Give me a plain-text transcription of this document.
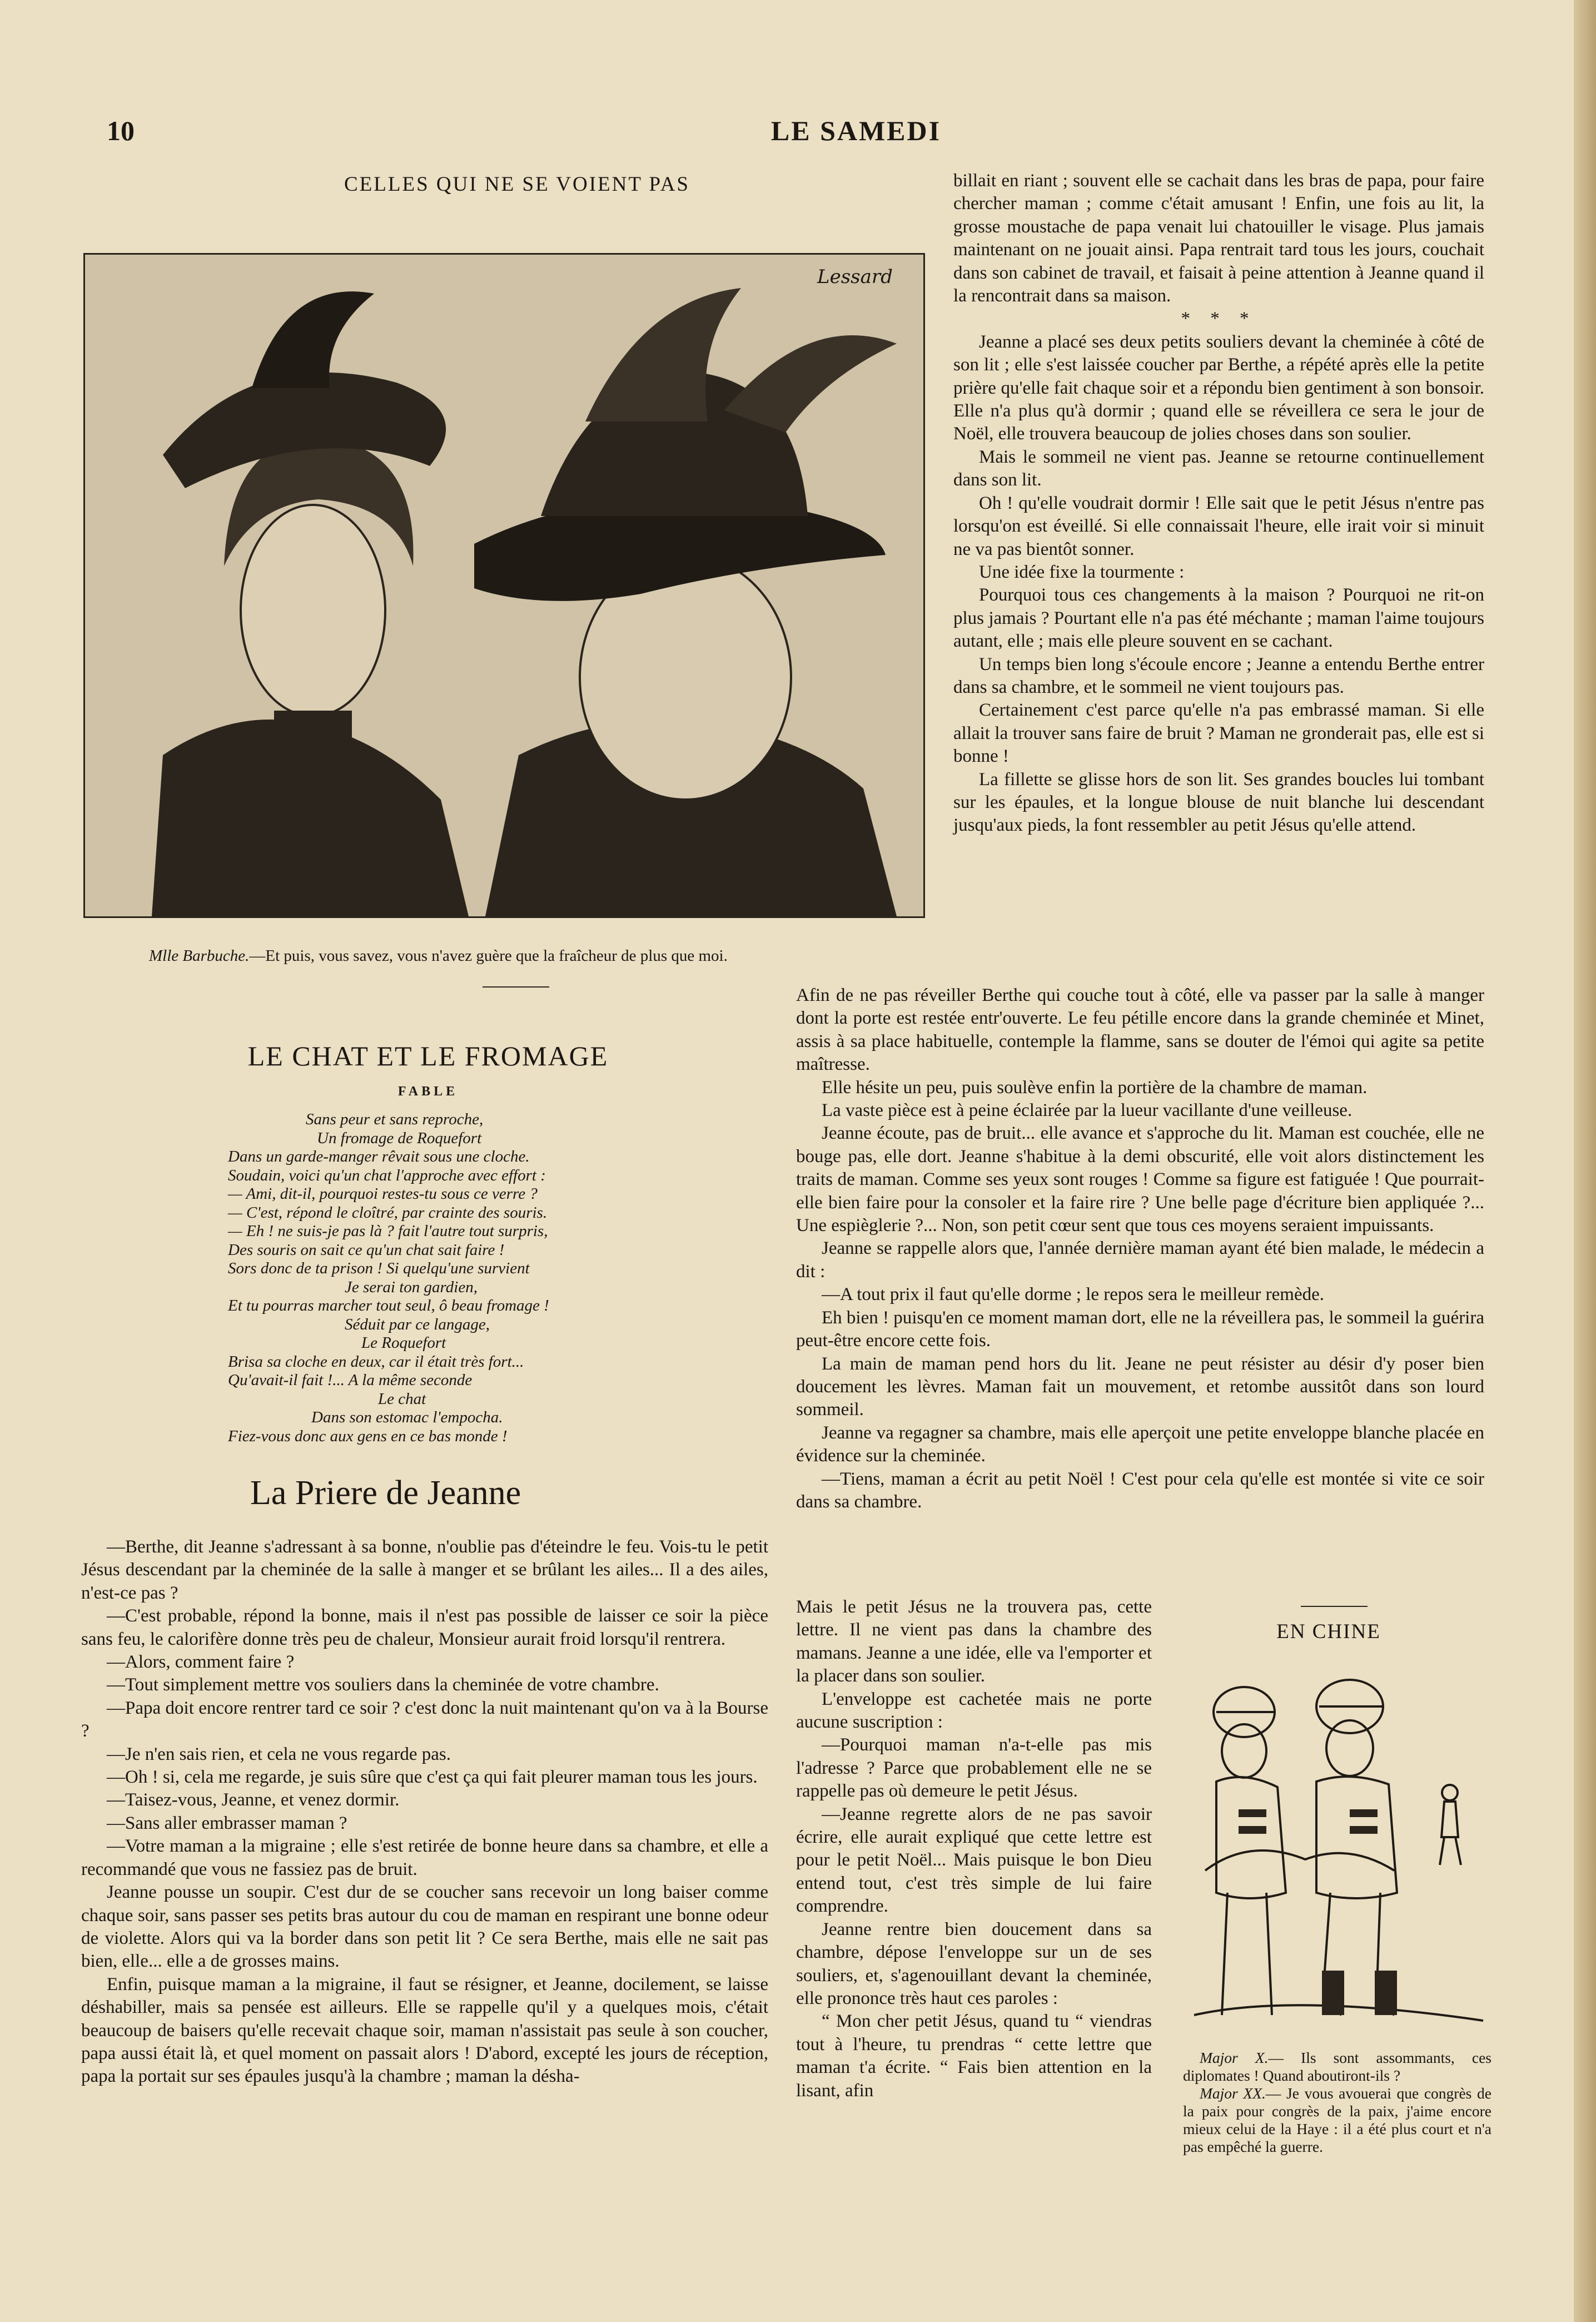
10	LE SAMEDI
CELLES QUI NE SE VOIENT PAS
Lessard
Mlle Barbuche.—Et puis, vous savez, vous n'avez guère que la fraîcheur de plus que moi.
LE CHAT ET LE FROMAGE
FABLE
Sans peur et sans reproche,
Un fromage de Roquefort
Dans un garde-manger rêvait sous une cloche.
Soudain, voici qu'un chat l'approche avec effort :
— Ami, dit-il, pourquoi restes-tu sous ce verre ?
— C'est, répond le cloîtré, par crainte des souris.
— Eh ! ne suis-je pas là ? fait l'autre tout surpris,
Des souris on sait ce qu'un chat sait faire !
Sors donc de ta prison ! Si quelqu'une survient
Je serai ton gardien,
Et tu pourras marcher tout seul, ô beau fromage !
Séduit par ce langage,
Le Roquefort
Brisa sa cloche en deux, car il était très fort...
Qu'avait-il fait !... A la même seconde
Le chat
Dans son estomac l'empocha.
Fiez-vous donc aux gens en ce bas monde !
La Priere de Jeanne

—Berthe, dit Jeanne s'adressant à sa bonne, n'oublie pas d'éteindre le feu. Vois-tu le petit Jésus descendant par la cheminée de la salle à manger et se brûlant les ailes... Il a des ailes, n'est-ce pas ?

—C'est probable, répond la bonne, mais il n'est pas possible de laisser ce soir la pièce sans feu, le calorifère donne très peu de chaleur, Monsieur aurait froid lorsqu'il rentrera.

—Alors, comment faire ?

—Tout simplement mettre vos souliers dans la cheminée de votre chambre.

—Papa doit encore rentrer tard ce soir ? c'est donc la nuit maintenant qu'on va à la Bourse ?

—Je n'en sais rien, et cela ne vous regarde pas.

—Oh ! si, cela me regarde, je suis sûre que c'est ça qui fait pleurer maman tous les jours.

—Taisez-vous, Jeanne, et venez dormir.

—Sans aller embrasser maman ?

—Votre maman a la migraine ; elle s'est retirée de bonne heure dans sa chambre, et elle a recommandé que vous ne fassiez pas de bruit.

Jeanne pousse un soupir. C'est dur de se coucher sans recevoir un long baiser comme chaque soir, sans passer ses petits bras autour du cou de maman en respirant une bonne odeur de violette. Alors qui va la border dans son petit lit ? Ce sera Berthe, mais elle ne sait pas bien, elle... elle a de grosses mains.

Enfin, puisque maman a la migraine, il faut se résigner, et Jeanne, docilement, se laisse déshabiller, mais sa pensée est ailleurs. Elle se rappelle qu'il y a quelques mois, c'était beaucoup de baisers qu'elle recevait chaque soir, maman n'assistait pas seule à son coucher, papa aussi était là, et quel moment on passait alors ! D'abord, excepté les jours de réception, papa la portait sur ses épaules jusqu'à la chambre ; maman la désha-

billait en riant ; souvent elle se cachait dans les bras de papa, pour faire chercher maman ; comme c'était amusant ! Enfin, une fois au lit, la grosse moustache de papa venait lui chatouiller le visage. Plus jamais maintenant on ne jouait ainsi. Papa rentrait tard tous les jours, couchait dans son cabinet de travail, et faisait à peine attention à Jeanne quand il la rencontrait dans sa maison.

* * *

Jeanne a placé ses deux petits souliers devant la cheminée à côté de son lit ; elle s'est laissée coucher par Berthe, a répété après elle la petite prière qu'elle fait chaque soir et a répondu bien gentiment à son bonsoir. Elle n'a plus qu'à dormir ; quand elle se réveillera ce sera le jour de Noël, elle trouvera beaucoup de jolies choses dans son soulier.

Mais le sommeil ne vient pas. Jeanne se retourne continuellement dans son lit.

Oh ! qu'elle voudrait dormir ! Elle sait que le petit Jésus n'entre pas lorsqu'on est éveillé. Si elle connaissait l'heure, elle irait voir si minuit ne va pas bientôt sonner.

Une idée fixe la tourmente :

Pourquoi tous ces changements à la maison ? Pourquoi ne rit-on plus jamais ? Pourtant elle n'a pas été méchante ; maman l'aime toujours autant, elle ; mais elle pleure souvent en se cachant.

Un temps bien long s'écoule encore ; Jeanne a entendu Berthe entrer dans sa chambre, et le sommeil ne vient toujours pas.

Certainement c'est parce qu'elle n'a pas embrassé maman. Si elle allait la trouver sans faire de bruit ? Maman ne gronderait pas, elle est si bonne !

La fillette se glisse hors de son lit. Ses grandes boucles lui tombant sur les épaules, et la longue blouse de nuit blanche lui descendant jusqu'aux pieds, la font ressembler au petit Jésus qu'elle attend.

Afin de ne pas réveiller Berthe qui couche tout à côté, elle va passer par la salle à manger dont la porte est restée entr'ouverte. Le feu pétille encore dans la grande cheminée et Minet, assis à sa place habituelle, contemple la flamme, sans se douter de l'émoi qui agite sa petite maîtresse.

Elle hésite un peu, puis soulève enfin la portière de la chambre de maman.

La vaste pièce est à peine éclairée par la lueur vacillante d'une veilleuse.

Jeanne écoute, pas de bruit... elle avance et s'approche du lit. Maman est couchée, elle ne bouge pas, elle dort. Jeanne s'habitue à la demi obscurité, elle voit alors distinctement les traits de maman. Comme ses yeux sont rouges ! Comme sa figure est fatiguée ! Que pourrait-elle bien faire pour la consoler et la faire rire ? Une belle page d'écriture bien appliquée ?... Une espièglerie ?... Non, son petit cœur sent que tous ces moyens seraient impuissants.

Jeanne se rappelle alors que, l'année dernière maman ayant été bien malade, le médecin a dit :

—A tout prix il faut qu'elle dorme ; le repos sera le meilleur remède.

Eh bien ! puisqu'en ce moment maman dort, elle ne la réveillera pas, le sommeil la guérira peut-être encore cette fois.

La main de maman pend hors du lit. Jeane ne peut résister au désir d'y poser bien doucement les lèvres. Maman fait un mouvement, et retombe aussitôt dans son lourd sommeil.

Jeanne va regagner sa chambre, mais elle aperçoit une petite enveloppe blanche placée en évidence sur la cheminée.

—Tiens, maman a écrit au petit Noël ! C'est pour cela qu'elle est montée si vite ce soir dans sa chambre.

Mais le petit Jésus ne la trouvera pas, cette lettre. Il ne vient pas dans la chambre des mamans. Jeanne a une idée, elle va l'emporter et la placer dans son soulier.

L'enveloppe est cachetée mais ne porte aucune suscription :

—Pourquoi maman n'a-t-elle pas mis l'adresse ? Parce que probablement elle ne se rappelle pas où demeure le petit Jésus.

—Jeanne regrette alors de ne pas savoir écrire, elle aurait expliqué que cette lettre est pour le petit Noël... Mais puisque le bon Dieu entend tout, c'est très simple de lui faire comprendre.

Jeanne rentre bien doucement dans sa chambre, dépose l'enveloppe sur un de ses souliers, et, s'agenouillant devant la cheminée, elle prononce très haut ces paroles :

“ Mon cher petit Jésus, quand tu “ viendras tout à l'heure, tu prendras “ cette lettre que maman t'a écrite. “ Fais bien attention en la lisant, afin

EN CHINE

Major X.— Ils sont assommants, ces diplomates ! Quand aboutiront-ils ?

Major XX.— Je vous avouerai que congrès de la paix pour congrès de la paix, j'aime encore mieux celui de la Haye : il a été plus court et n'a pas empêché la guerre.
